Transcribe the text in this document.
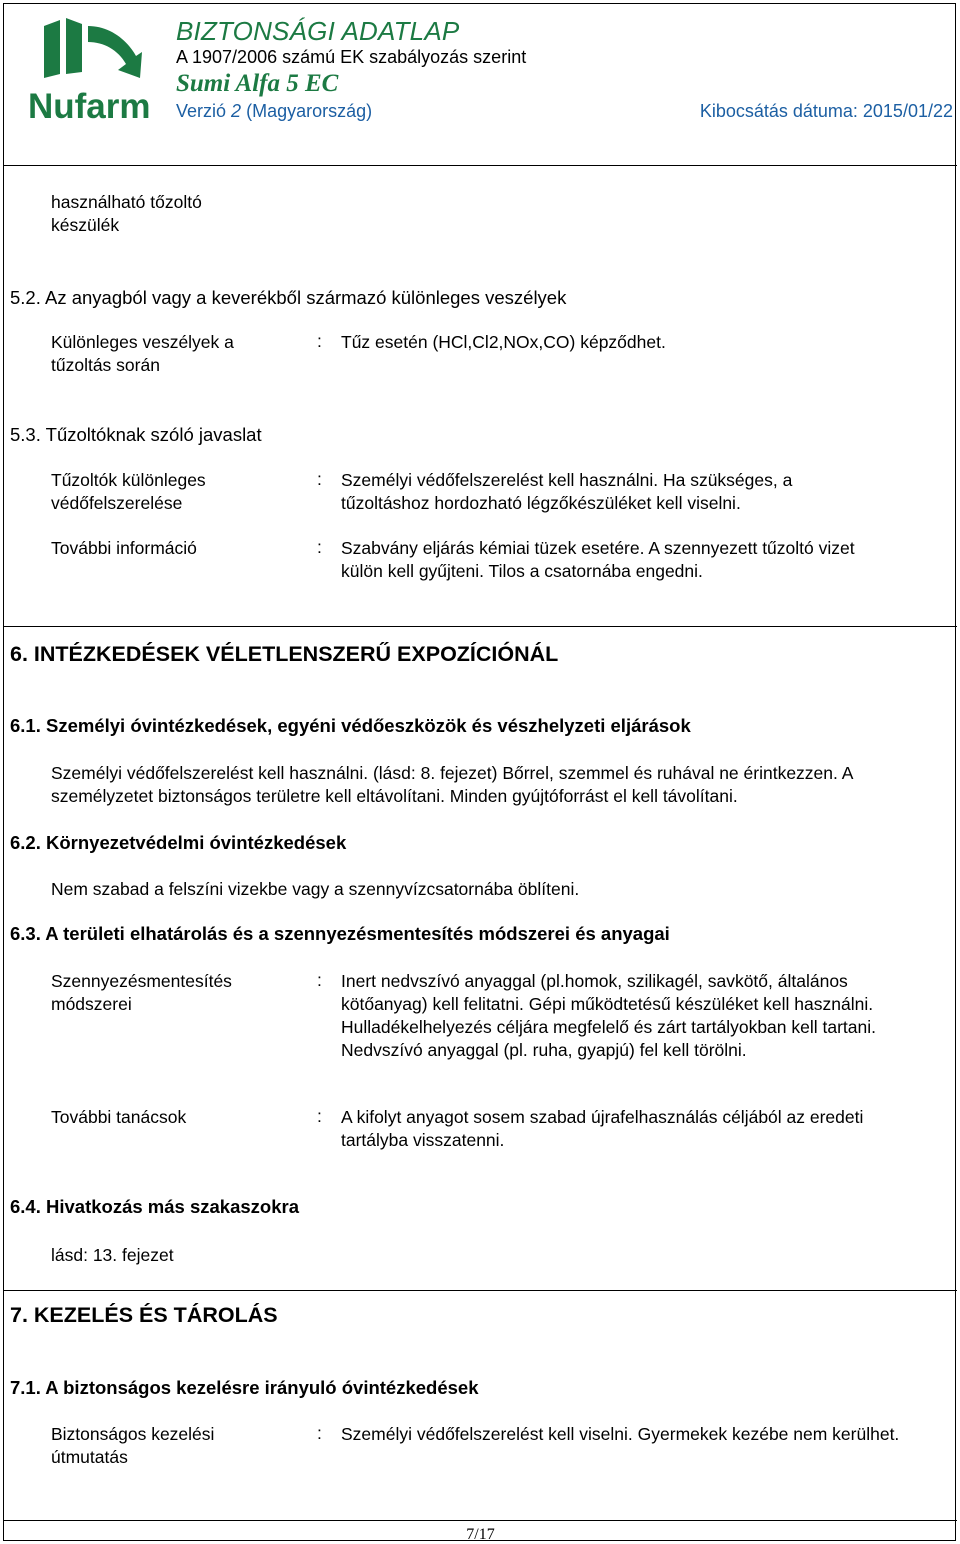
Nufarm
BIZTONSÁGI ADATLAP
A 1907/2006 számú EK szabályozás szerint
Sumi Alfa 5 EC
Verzió 2 (Magyarország)	Kibocsátás dátuma: 2015/01/22
használható tőzoltó készülék
5.2. Az anyagból vagy a keverékből származó különleges veszélyek
Különleges veszélyek a tűzoltás során
: Tűz esetén (HCl,Cl2,NOx,CO) képződhet.
5.3. Tűzoltóknak szóló javaslat
Tűzoltók különleges védőfelszerelése
: Személyi védőfelszerelést kell használni. Ha szükséges, a tűzoltáshoz hordozható légzőkészüléket kell viselni.
További információ	: Szabvány eljárás kémiai tüzek esetére. A szennyezett tűzoltó vizet külön kell gyűjteni. Tilos a csatornába engedni.
6. INTÉZKEDÉSEK VÉLETLENSZERŰ EXPOZÍCIÓNÁL
6.1. Személyi óvintézkedések, egyéni védőeszközök és vészhelyzeti eljárások
Személyi védőfelszerelést kell használni. (lásd: 8. fejezet) Bőrrel, szemmel és ruhával ne érintkezzen. A személyzetet biztonságos területre kell eltávolítani. Minden gyújtóforrást el kell távolítani.
6.2. Környezetvédelmi óvintézkedések
Nem szabad a felszíni vizekbe vagy a szennyvízcsatornába öblíteni.
6.3. A területi elhatárolás és a szennyezésmentesítés módszerei és anyagai
Szennyezésmentesítés módszerei
: Inert nedvszívó anyaggal (pl.homok, szilikagél, savkötő, általános kötőanyag) kell felitatni. Gépi működtetésű készüléket kell használni. Hulladékelhelyezés céljára megfelelő és zárt tartályokban kell tartani. Nedvszívó anyaggal (pl. ruha, gyapjú) fel kell törölni.
További tanácsok	: A kifolyt anyagot sosem szabad újrafelhasználás céljából az eredeti tartályba visszatenni.
6.4. Hivatkozás más szakaszokra
lásd: 13. fejezet
7. KEZELÉS ÉS TÁROLÁS
7.1. A biztonságos kezelésre irányuló óvintézkedések
Biztonságos kezelési útmutatás
: Személyi védőfelszerelést kell viselni. Gyermekek kezébe nem kerülhet.
7/17
